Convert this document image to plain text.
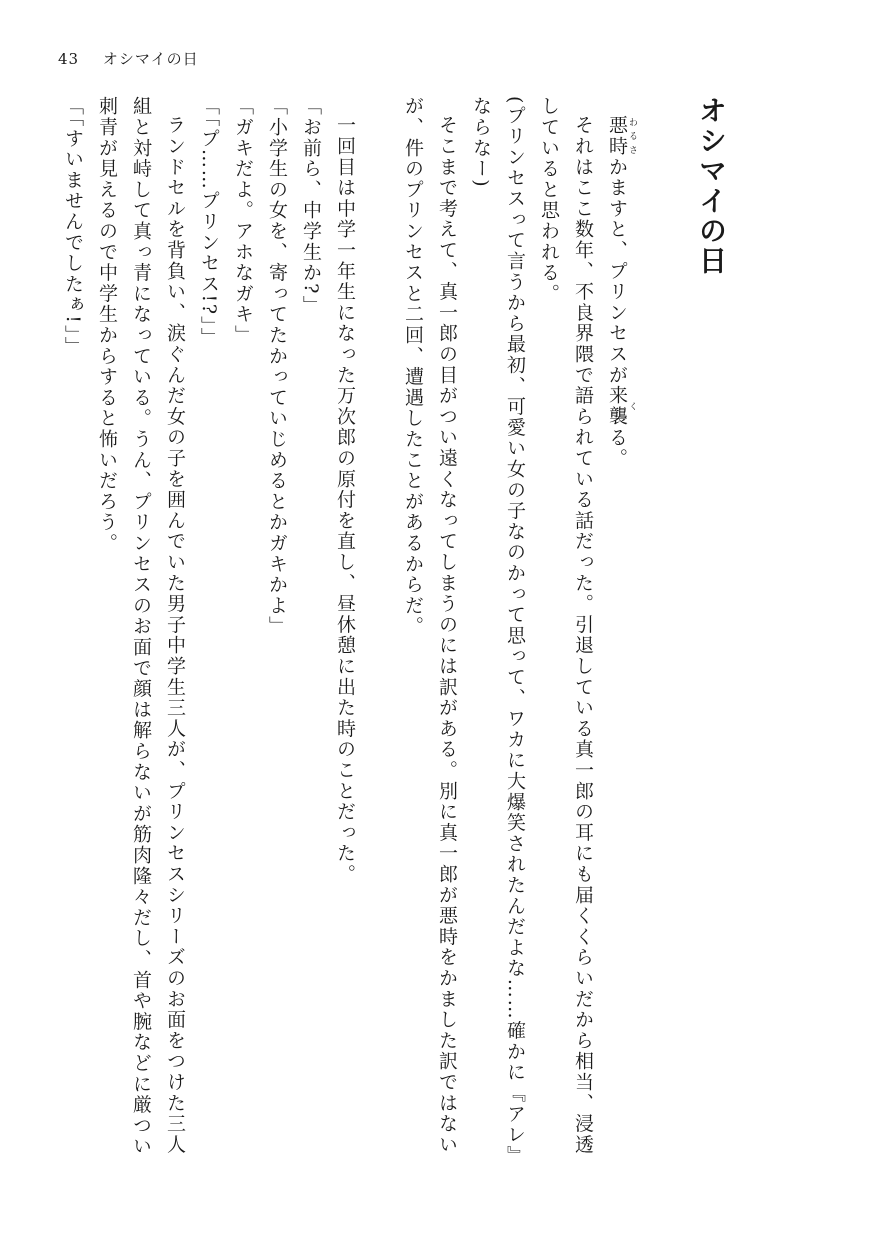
43 オシマイの日
オシマイの日

悪時 わるさかますと、プリンセスが来襲 くる。

それはここ数年、不良界隈で語られている話だった。引退している真一郎の耳にも届くくらいだから相当、浸透していると思われる。

(プリンセスって言うから最初、可愛い女の子なのかって思って、ワカに大爆笑されたんだよな……確かに『アレ』ならなー)

そこまで考えて、真一郎の目がつい遠くなってしまうのには訳がある。別に真一郎が悪時をかました訳ではないが、件のプリンセスと二回、遭遇したことがあるからだ。

一回目は中学一年生になった万次郎の原付を直し、昼休憩に出た時のことだった。

「お前ら、中学生か?」

「小学生の女を、寄ってたかっていじめるとかガキかよ」

「ガキだよ。アホなガキ」

「「プ……プリンセス!?」」

ランドセルを背負い、涙ぐんだ女の子を囲んでいた男子中学生三人が、プリンセスシリーズのお面をつけた三人組と対峙して真っ青になっている。うん、プリンセスのお面で顔は解らないが筋肉隆々だし、首や腕などに厳つい刺青が見えるので中学生からすると怖いだろう。

「「すいませんでしたぁ!」」
